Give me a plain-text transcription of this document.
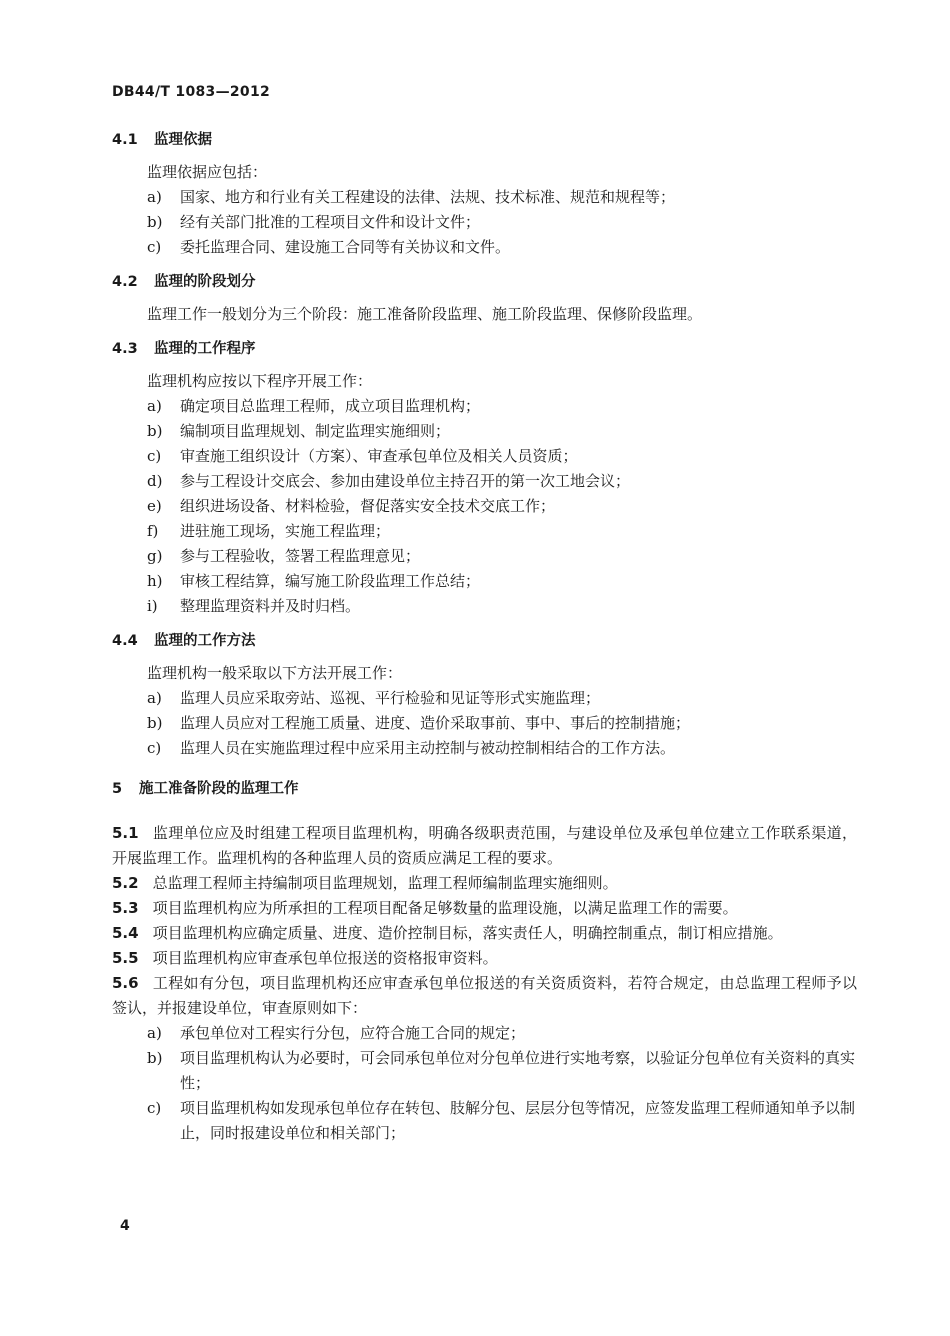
DB44/T 1083—2012
4.1	监理依据
监理依据应包括：
a)	国家、地方和行业有关工程建设的法律、法规、技术标准、规范和规程等；
b)	经有关部门批准的工程项目文件和设计文件；
c)	委托监理合同、建设施工合同等有关协议和文件。
4.2	监理的阶段划分
监理工作一般划分为三个阶段：施工准备阶段监理、施工阶段监理、保修阶段监理。
4.3	监理的工作程序
监理机构应按以下程序开展工作：
a)	确定项目总监理工程师，成立项目监理机构；
b)	编制项目监理规划、制定监理实施细则；
c)	审查施工组织设计（方案）、审查承包单位及相关人员资质；
d)	参与工程设计交底会、参加由建设单位主持召开的第一次工地会议；
e)	组织进场设备、材料检验，督促落实安全技术交底工作；
f)	进驻施工现场，实施工程监理；
g)	参与工程验收，签署工程监理意见；
h)	审核工程结算，编写施工阶段监理工作总结；
i)	整理监理资料并及时归档。
4.4	监理的工作方法
监理机构一般采取以下方法开展工作：
a)	监理人员应采取旁站、巡视、平行检验和见证等形式实施监理；
b)	监理人员应对工程施工质量、进度、造价采取事前、事中、事后的控制措施；
c)	监理人员在实施监理过程中应采用主动控制与被动控制相结合的工作方法。
5	施工准备阶段的监理工作
5.1 监理单位应及时组建工程项目监理机构，明确各级职责范围，与建设单位及承包单位建立工作联系渠道，开展监理工作。监理机构的各种监理人员的资质应满足工程的要求。
5.2 总监理工程师主持编制项目监理规划，监理工程师编制监理实施细则。
5.3 项目监理机构应为所承担的工程项目配备足够数量的监理设施，以满足监理工作的需要。
5.4 项目监理机构应确定质量、进度、造价控制目标，落实责任人，明确控制重点，制订相应措施。
5.5 项目监理机构应审查承包单位报送的资格报审资料。
5.6 工程如有分包，项目监理机构还应审查承包单位报送的有关资质资料，若符合规定，由总监理工程师予以签认，并报建设单位，审查原则如下：
a)	承包单位对工程实行分包，应符合施工合同的规定；
b)	项目监理机构认为必要时，可会同承包单位对分包单位进行实地考察，以验证分包单位有关资料的真实性；
c)	项目监理机构如发现承包单位存在转包、肢解分包、层层分包等情况，应签发监理工程师通知单予以制止，同时报建设单位和相关部门；
4
